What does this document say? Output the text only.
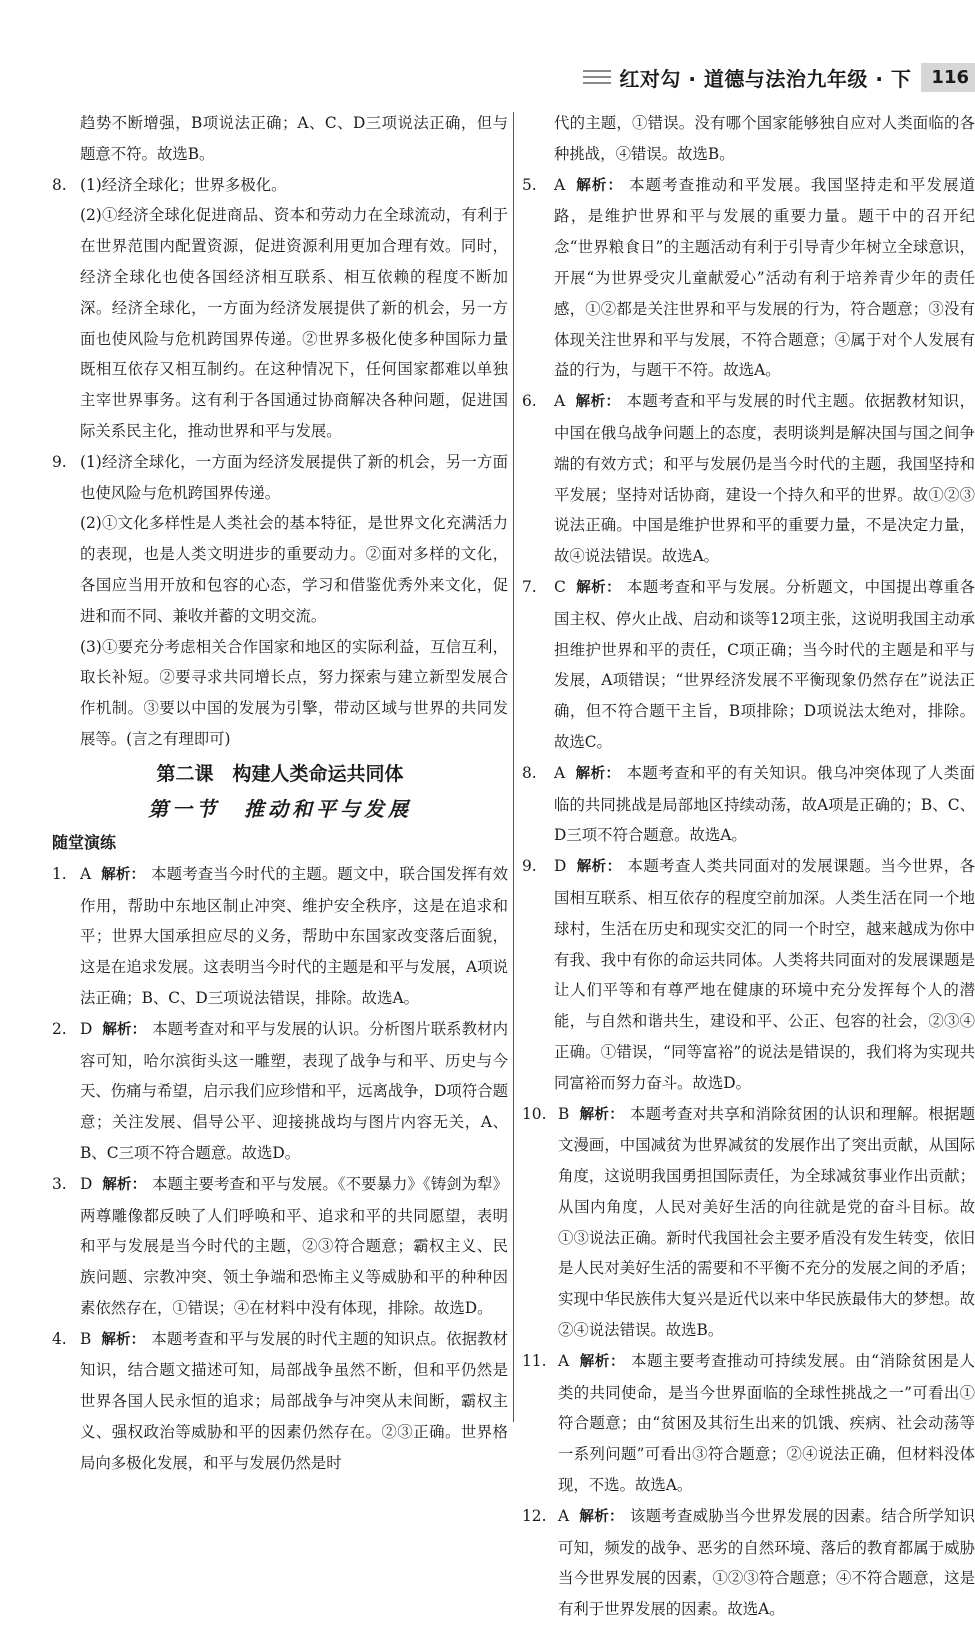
红对勾 · 道德与法治九年级 · 下	116
趋势不断增强，B项说法正确；A、C、D三项说法正确，但与题意不符。故选B。
8. (1)经济全球化；世界多极化。
(2)①经济全球化促进商品、资本和劳动力在全球流动，有利于在世界范围内配置资源，促进资源利用更加合理有效。同时，经济全球化也使各国经济相互联系、相互依赖的程度不断加深。经济全球化，一方面为经济发展提供了新的机会，另一方面也使风险与危机跨国界传递。②世界多极化使多种国际力量既相互依存又相互制约。在这种情况下，任何国家都难以单独主宰世界事务。这有利于各国通过协商解决各种问题，促进国际关系民主化，推动世界和平与发展。
9. (1)经济全球化，一方面为经济发展提供了新的机会，另一方面也使风险与危机跨国界传递。
(2)①文化多样性是人类社会的基本特征，是世界文化充满活力的表现，也是人类文明进步的重要动力。②面对多样的文化，各国应当用开放和包容的心态，学习和借鉴优秀外来文化，促进和而不同、兼收并蓄的文明交流。
(3)①要充分考虑相关合作国家和地区的实际利益，互信互利，取长补短。②要寻求共同增长点，努力探索与建立新型发展合作机制。③要以中国的发展为引擎，带动区域与世界的共同发展等。(言之有理即可)
第二课　构建人类命运共同体
第一节　推动和平与发展
随堂演练
1. A 解析： 本题考查当今时代的主题。题文中，联合国发挥有效作用，帮助中东地区制止冲突、维护安全秩序，这是在追求和平；世界大国承担应尽的义务，帮助中东国家改变落后面貌，这是在追求发展。这表明当今时代的主题是和平与发展，A项说法正确；B、C、D三项说法错误，排除。故选A。
2. D 解析： 本题考查对和平与发展的认识。分析图片联系教材内容可知，哈尔滨街头这一雕塑，表现了战争与和平、历史与今天、伤痛与希望，启示我们应珍惜和平，远离战争，D项符合题意；关注发展、倡导公平、迎接挑战均与图片内容无关，A、B、C三项不符合题意。故选D。
3. D 解析： 本题主要考查和平与发展。《不要暴力》《铸剑为犁》两尊雕像都反映了人们呼唤和平、追求和平的共同愿望，表明和平与发展是当今时代的主题，②③符合题意；霸权主义、民族问题、宗教冲突、领土争端和恐怖主义等威胁和平的种种因素依然存在，①错误；④在材料中没有体现，排除。故选D。
4. B 解析： 本题考查和平与发展的时代主题的知识点。依据教材知识，结合题文描述可知，局部战争虽然不断，但和平仍然是世界各国人民永恒的追求；局部战争与冲突从未间断，霸权主义、强权政治等威胁和平的因素仍然存在。②③正确。世界格局向多极化发展，和平与发展仍然是时
代的主题，①错误。没有哪个国家能够独自应对人类面临的各种挑战，④错误。故选B。
5. A 解析： 本题考查推动和平发展。我国坚持走和平发展道路，是维护世界和平与发展的重要力量。题干中的召开纪念“世界粮食日”的主题活动有利于引导青少年树立全球意识，开展“为世界受灾儿童献爱心”活动有利于培养青少年的责任感，①②都是关注世界和平与发展的行为，符合题意；③没有体现关注世界和平与发展，不符合题意；④属于对个人发展有益的行为，与题干不符。故选A。
6. A 解析： 本题考查和平与发展的时代主题。依据教材知识，中国在俄乌战争问题上的态度，表明谈判是解决国与国之间争端的有效方式；和平与发展仍是当今时代的主题，我国坚持和平发展；坚持对话协商，建设一个持久和平的世界。故①②③说法正确。中国是维护世界和平的重要力量，不是决定力量，故④说法错误。故选A。
7. C 解析： 本题考查和平与发展。分析题文，中国提出尊重各国主权、停火止战、启动和谈等12项主张，这说明我国主动承担维护世界和平的责任，C项正确；当今时代的主题是和平与发展，A项错误；“世界经济发展不平衡现象仍然存在”说法正确，但不符合题干主旨，B项排除；D项说法太绝对，排除。故选C。
8. A 解析： 本题考查和平的有关知识。俄乌冲突体现了人类面临的共同挑战是局部地区持续动荡，故A项是正确的；B、C、D三项不符合题意。故选A。
9. D 解析： 本题考查人类共同面对的发展课题。当今世界，各国相互联系、相互依存的程度空前加深。人类生活在同一个地球村，生活在历史和现实交汇的同一个时空，越来越成为你中有我、我中有你的命运共同体。人类将共同面对的发展课题是让人们平等和有尊严地在健康的环境中充分发挥每个人的潜能，与自然和谐共生，建设和平、公正、包容的社会，②③④正确。①错误，“同等富裕”的说法是错误的，我们将为实现共同富裕而努力奋斗。故选D。
10. B 解析： 本题考查对共享和消除贫困的认识和理解。根据题文漫画，中国减贫为世界减贫的发展作出了突出贡献，从国际角度，这说明我国勇担国际责任，为全球减贫事业作出贡献；从国内角度，人民对美好生活的向往就是党的奋斗目标。故①③说法正确。新时代我国社会主要矛盾没有发生转变，依旧是人民对美好生活的需要和不平衡不充分的发展之间的矛盾；实现中华民族伟大复兴是近代以来中华民族最伟大的梦想。故②④说法错误。故选B。
11. A 解析： 本题主要考查推动可持续发展。由“消除贫困是人类的共同使命，是当今世界面临的全球性挑战之一”可看出①符合题意；由“贫困及其衍生出来的饥饿、疾病、社会动荡等一系列问题”可看出③符合题意；②④说法正确，但材料没体现，不选。故选A。
12. A 解析： 该题考查威胁当今世界发展的因素。结合所学知识可知，频发的战争、恶劣的自然环境、落后的教育都属于威胁当今世界发展的因素，①②③符合题意；④不符合题意，这是有利于世界发展的因素。故选A。
